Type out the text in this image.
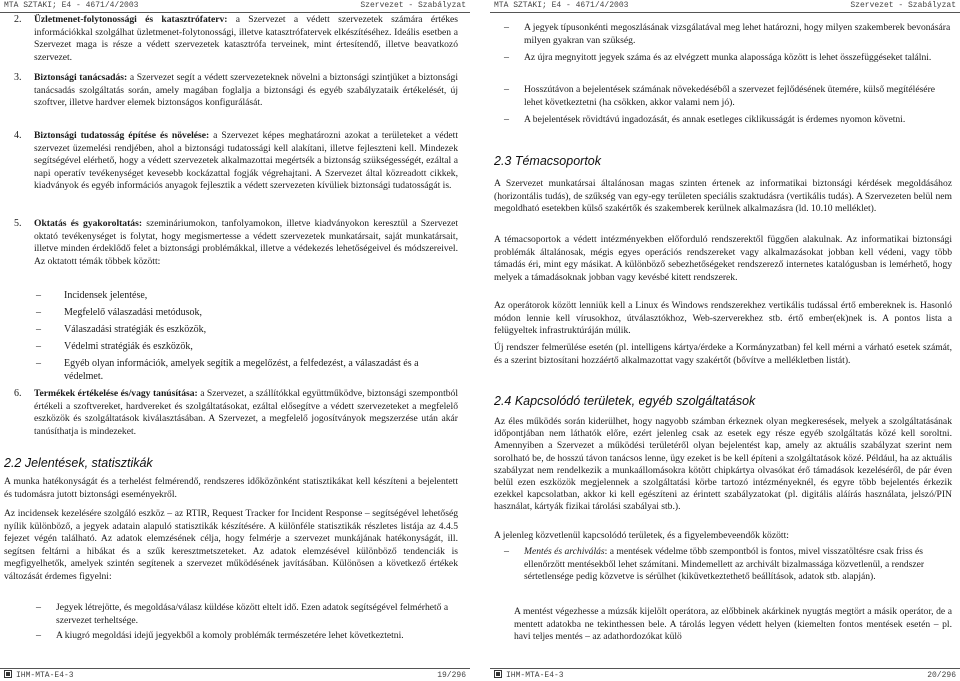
MTA SZTAKI; E4 - 4671/4/2003	Szervezet - Szabályzat
2. Üzletmenet-folytonossági és katasztrófaterv: a Szervezet a védett szervezetek számára értékes információkkal szolgálhat üzletmenet-folytonossági, illetve katasztrófatervek elkészítéséhez. Ideális esetben a Szervezet maga is része a védett szervezetek katasztrófa terveinek, mint értesítendő, illetve beavatkozó szervezet.

3. Biztonsági tanácsadás: a Szervezet segít a védett szervezeteknek növelni a biztonsági szintjüket a biztonsági tanácsadás szolgáltatás során, amely magában foglalja a biztonsági és egyéb szabályzataik értékelését, új szoftver, illetve hardver elemek biztonságos konfigurálását.

4. Biztonsági tudatosság építése és növelése: a Szervezet képes meghatározni azokat a területeket a védett szervezet üzemelési rendjében, ahol a biztonsági tudatossági kell alakítani, illetve fejleszteni kell. Mindezek segítségével elérhető, hogy a védett szervezetek alkalmazottai megértsék a biztonság szükségességét, ezáltal a napi operatív tevékenységet kevesebb kockázattal fogják végrehajtani. A Szervezet által közreadott cikkek, kiadványok és egyéb információs anyagok fejlesztik a védett szervezeten kívüliek biztonsági tudatosságát is.

5. Oktatás és gyakoroltatás: szemináriumokon, tanfolyamokon, illetve kiadványokon keresztül a Szervezet oktató tevékenységet is folytat, hogy megismertesse a védett szervezetek munkatársait, saját munkatársait, illetve minden érdeklődő felet a biztonsági problémákkal, illetve a védekezés lehetőségeivel és módszereivel. Az oktatott témák többek között:

– Incidensek jelentése,
– Megfelelő válaszadási metódusok,
– Válaszadási stratégiák és eszközök,
– Védelmi stratégiák és eszközök,
– Egyéb olyan információk, amelyek segítik a megelőzést, a felfedezést, a válaszadást és a védelmet.
6. Termékek értékelése és/vagy tanúsítása: a Szervezet, a szállítókkal együttműködve, biztonsági szempontból értékeli a szoftvereket, hardvereket és szolgáltatásokat, ezáltal elősegítve a védett szervezeteket a megfelelő eszközök és szolgáltatások kiválasztásában. A Szervezet, a megfelelő jogosítványok megszerzése után akár tanúsíthatja is mindezeket.

2.2 Jelentések, statisztikák

A munka hatékonyságát és a terhelést felmérendő, rendszeres időközönként statisztikákat kell készíteni a bejelentett és tudomásra jutott biztonsági eseményekről.

Az incidensek kezelésére szolgáló eszköz – az RTIR, Request Tracker for Incident Response – segítségével lehetőség nyílik különböző, a jegyek adatain alapuló statisztikák készítésére. A különféle statisztikák részletes listája az 4.4.5 fejezet végén található. Az adatok elemzésének célja, hogy felmérje a szervezet munkájának hatékonyságát, ill. segítsen feltárni a hibákat és a szűk keresztmetszeteket. Az adatok elemzésével különböző tendenciák is megfigyelhetők, amelyek szintén segítenek a szervezet működésének javításában. Különösen a következő értékek változását érdemes figyelni:

– Jegyek létrejötte, és megoldása/válasz küldése között eltelt idő. Ezen adatok segítségével felmérhető a szervezet terheltsége.
– A kiugró megoldási idejű jegyekből a komoly problémák természetére lehet következtetni.
IHM-MTA-E4-3	19/296
MTA SZTAKI; E4 - 4671/4/2003	Szervezet - Szabályzat
– A jegyek típusonkénti megoszlásának vizsgálatával meg lehet határozni, hogy milyen szakemberek bevonására milyen gyakran van szükség.
– Az újra megnyitott jegyek száma és az elvégzett munka alapossága között is lehet összefüggéseket találni.
– Hosszútávon a bejelentések számának növekedéséből a szervezet fejlődésének ütemére, külső megítélésére lehet következtetni (ha csökken, akkor valami nem jó).
– A bejelentések rövidtávú ingadozását, és annak esetleges ciklikusságát is érdemes nyomon követni.
2.3 Témacsoportok

A Szervezet munkatársai általánosan magas szinten értenek az informatikai biztonsági kérdések megoldásához (horizontális tudás), de szűkség van egy-egy területen speciális szaktudásra (vertikális tudás). A Szervezeten belül nem megoldható esetekben külső szakértők és szakemberek kerülnek alkalmazásra (ld. 10.10 melléklet).

A témacsoportok a védett intézményekben előforduló rendszerektől függően alakulnak. Az informatikai biztonsági problémák általánosak, mégis egyes operációs rendszereket vagy alkalmazásokat jobban kell védeni, vagy több támadás éri, mint egy másikat. A különböző sebezhetőségeket rendszerező internetes katalógusban is lemérhető, hogy melyek a támadásoknak jobban vagy kevésbé kitett rendszerek.

Az operátorok között lenniük kell a Linux és Windows rendszerekhez vertikális tudással értő embereknek is. Hasonló módon lennie kell vírusokhoz, útválasztókhoz, Web-szerverekhez stb. értő ember(ek)nek is. A pontos lista a felügyeltek infrastruktúráján múlik.

Új rendszer felmerülése esetén (pl. intelligens kártya/érdeke a Kormányzatban) fel kell mérni a várható esetek számát, és a szerint biztosítani hozzáértő alkalmazottat vagy szakértőt (bővítve a mellékletben listát).

2.4 Kapcsolódó területek, egyéb szolgáltatások

Az éles működés során kiderülhet, hogy nagyobb számban érkeznek olyan megkeresések, melyek a szolgáltatásának időpontjában nem láthatók előre, ezért jelenleg csak az esetek egy része egyéb szolgáltatás közé kell soroltni. Amennyiben a Szervezet a működési területéről olyan bejelentést kap, amely az aktuális szabályzat szerint nem sorolható be, de hosszú távon tanácsos lenne, ügy ezeket is be kell építeni a szolgáltatások közé. Például, ha az aktuális szabályzat nem rendelkezik a munkaállomásokra kötött chipkártya olvasókat érő támadások kezeléséről, de pár éven belül ezen eszközök megjelennek a szolgáltatási körbe tartozó intézményeknél, és egyre több bejelentés érkezik ezekkel kapcsolatban, akkor ki kell egészíteni az érintett szabályzatokat (pl. digitális aláírás használata, jelszó/PIN használat, kártyák fizikai tárolási szabályai stb.).

A jelenleg közvetlenül kapcsolódó területek, és a figyelembeveendők között:

– Mentés és archiválás: a mentések védelme több szempontból is fontos, mivel visszatöltésre csak friss és ellenőrzött mentésekből lehet számítani. Mindemellett az archivált bizalmassága közvetlenül, a rendszer sértetlensége pedig közvetve is sérülhet (kiküvetkeztethető beállítások, adatok stb. alapján).

A mentést végezhesse a múzsák kijelölt operátora, az előbbinek akárkinek nyugtás megtört a másik operátor, de a mentett adatokba ne tekinthessen bele. A tárolás legyen védett helyen (kiemelten fontos mentések esetén – pl. havi teljes mentés – az adathordozókat külö

IHM-MTA-E4-3	20/296
